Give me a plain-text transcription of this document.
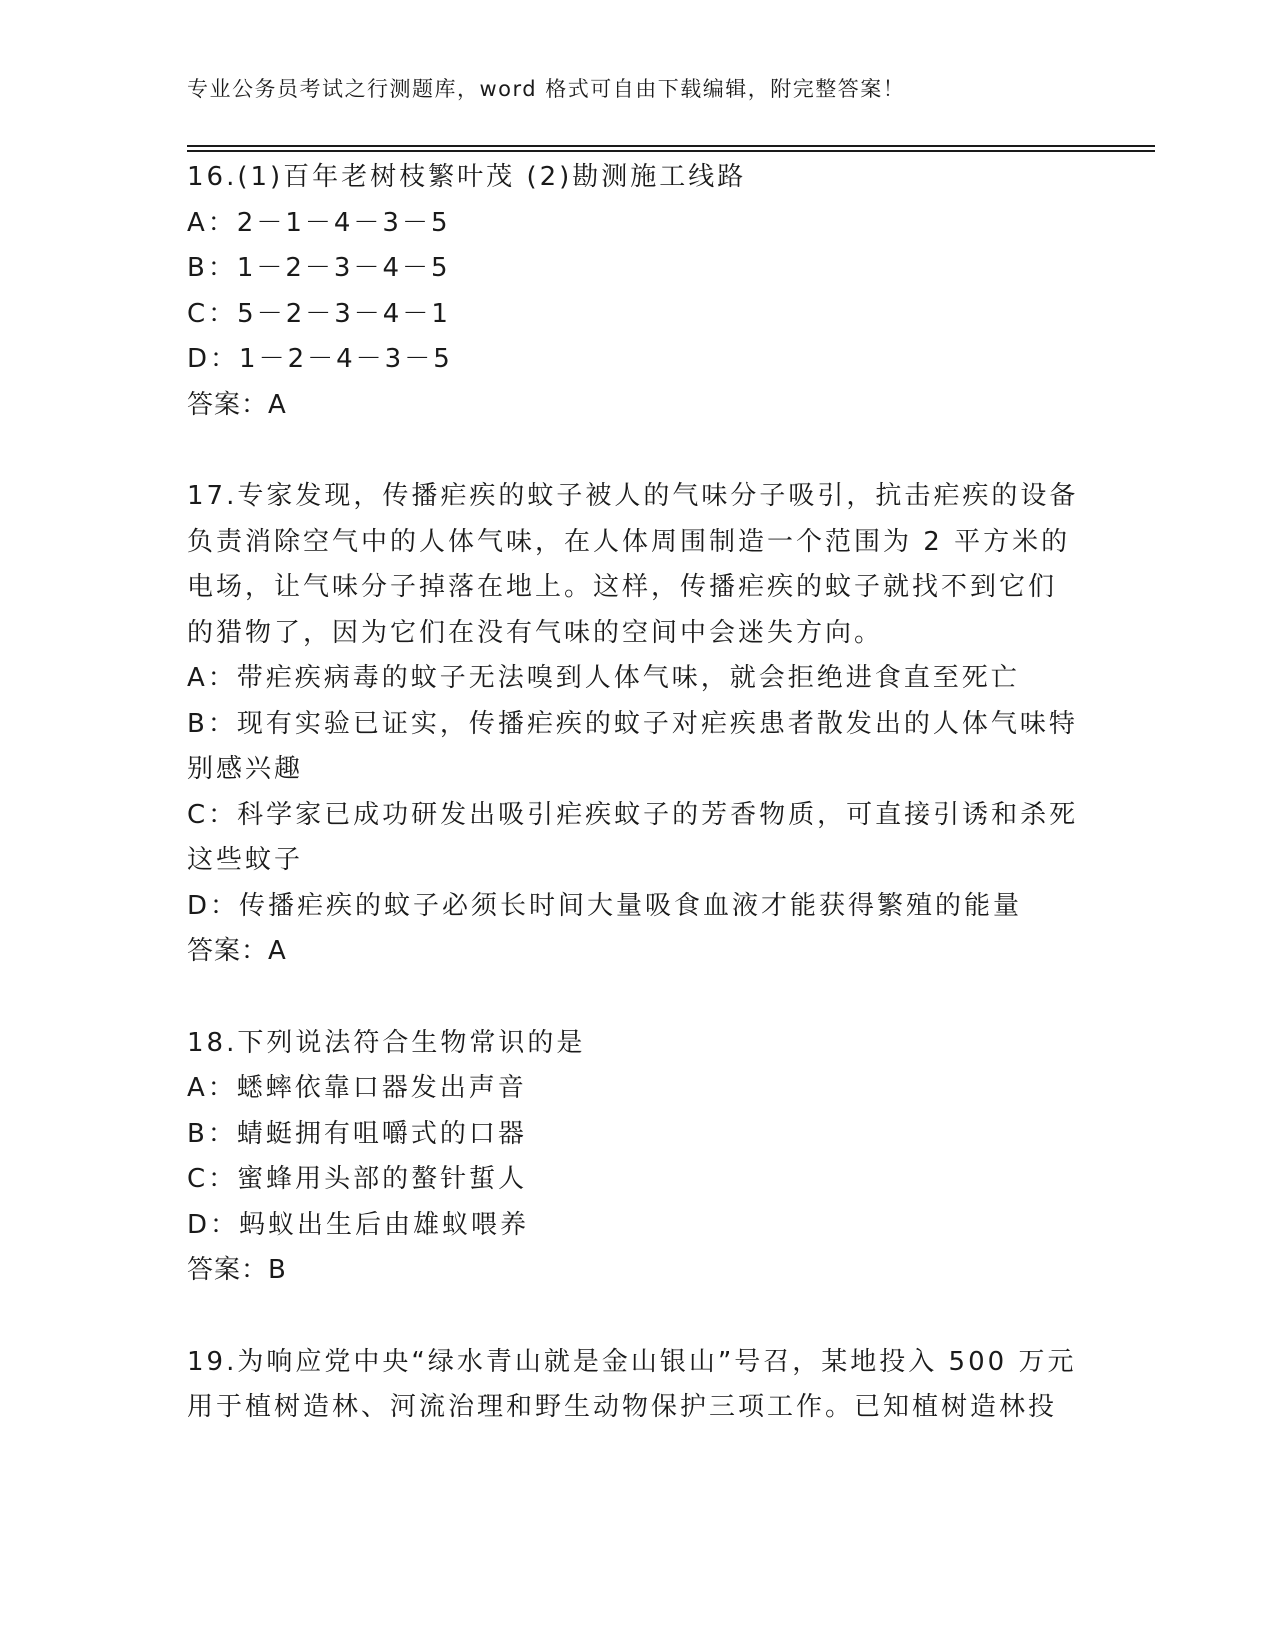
专业公务员考试之行测题库，word 格式可自由下载编辑，附完整答案！
16.(1)百年老树枝繁叶茂 (2)勘测施工线路
A：2－1－4－3－5
B：1－2－3－4－5
C：5－2－3－4－1
D：1－2－4－3－5
答案：A
17.专家发现，传播疟疾的蚊子被人的气味分子吸引，抗击疟疾的设备
负责消除空气中的人体气味，在人体周围制造一个范围为 2 平方米的
电场，让气味分子掉落在地上。这样，传播疟疾的蚊子就找不到它们
的猎物了，因为它们在没有气味的空间中会迷失方向。
A：带疟疾病毒的蚊子无法嗅到人体气味，就会拒绝进食直至死亡
B：现有实验已证实，传播疟疾的蚊子对疟疾患者散发出的人体气味特
别感兴趣
C：科学家已成功研发出吸引疟疾蚊子的芳香物质，可直接引诱和杀死
这些蚊子
D：传播疟疾的蚊子必须长时间大量吸食血液才能获得繁殖的能量
答案：A
18.下列说法符合生物常识的是
A：蟋蟀依靠口器发出声音
B：蜻蜓拥有咀嚼式的口器
C：蜜蜂用头部的螯针蜇人
D：蚂蚁出生后由雄蚁喂养
答案：B
19.为响应党中央“绿水青山就是金山银山”号召，某地投入 500 万元
用于植树造林、河流治理和野生动物保护三项工作。已知植树造林投
